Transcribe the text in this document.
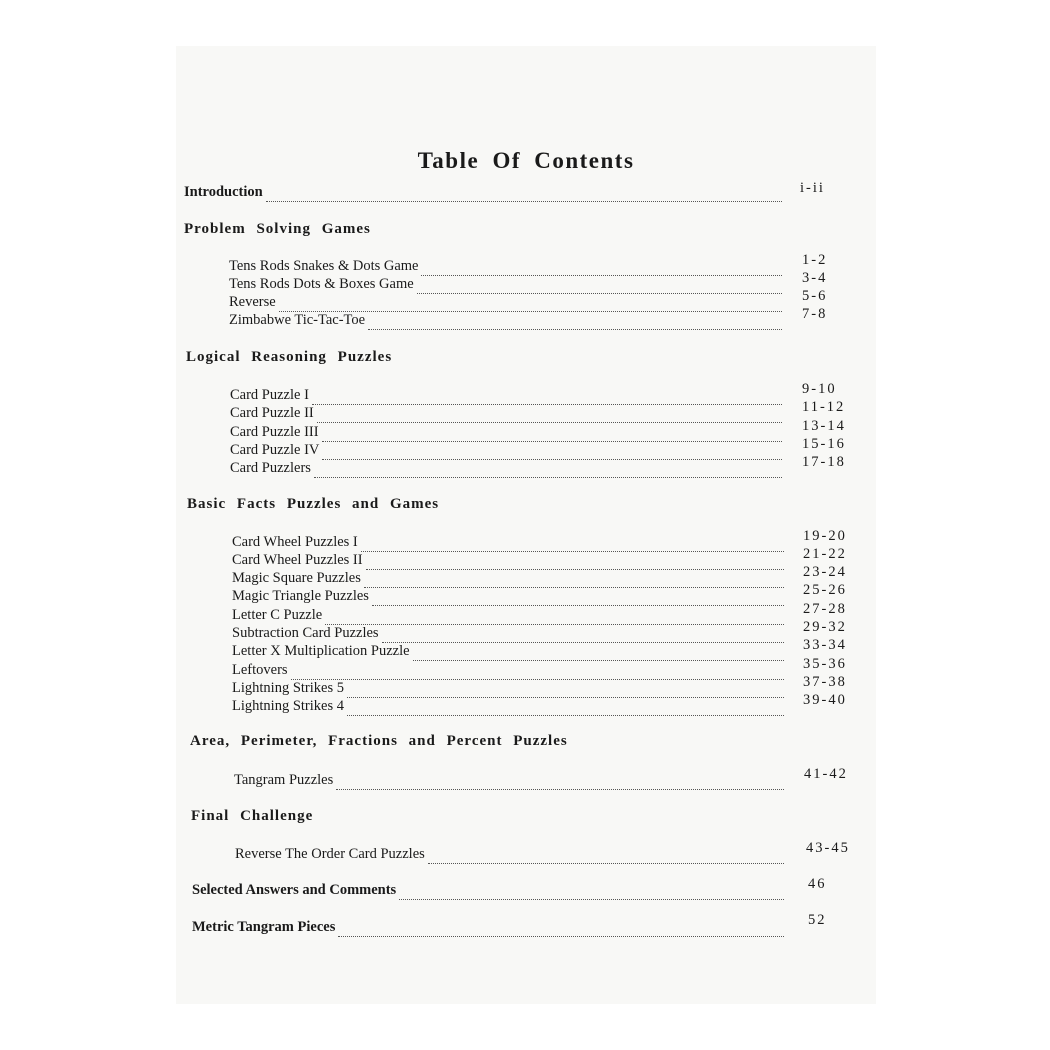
Table Of Contents
Introduction	i-ii
Problem Solving Games
Tens Rods Snakes & Dots Game	1-2
Tens Rods Dots & Boxes Game	3-4
Reverse	5-6
Zimbabwe Tic-Tac-Toe	7-8
Logical Reasoning Puzzles
Card Puzzle I	9-10
Card Puzzle II	11-12
Card Puzzle III	13-14
Card Puzzle IV	15-16
Card Puzzlers	17-18
Basic Facts Puzzles and Games
Card Wheel Puzzles I	19-20
Card Wheel Puzzles II	21-22
Magic Square Puzzles	23-24
Magic Triangle Puzzles	25-26
Letter C Puzzle	27-28
Subtraction Card Puzzles	29-32
Letter X Multiplication Puzzle	33-34
Leftovers	35-36
Lightning Strikes 5	37-38
Lightning Strikes 4	39-40
Area, Perimeter, Fractions and Percent Puzzles
Tangram Puzzles	41-42
Final Challenge
Reverse The Order Card Puzzles	43-45
Selected Answers and Comments	46
Metric Tangram Pieces	52
